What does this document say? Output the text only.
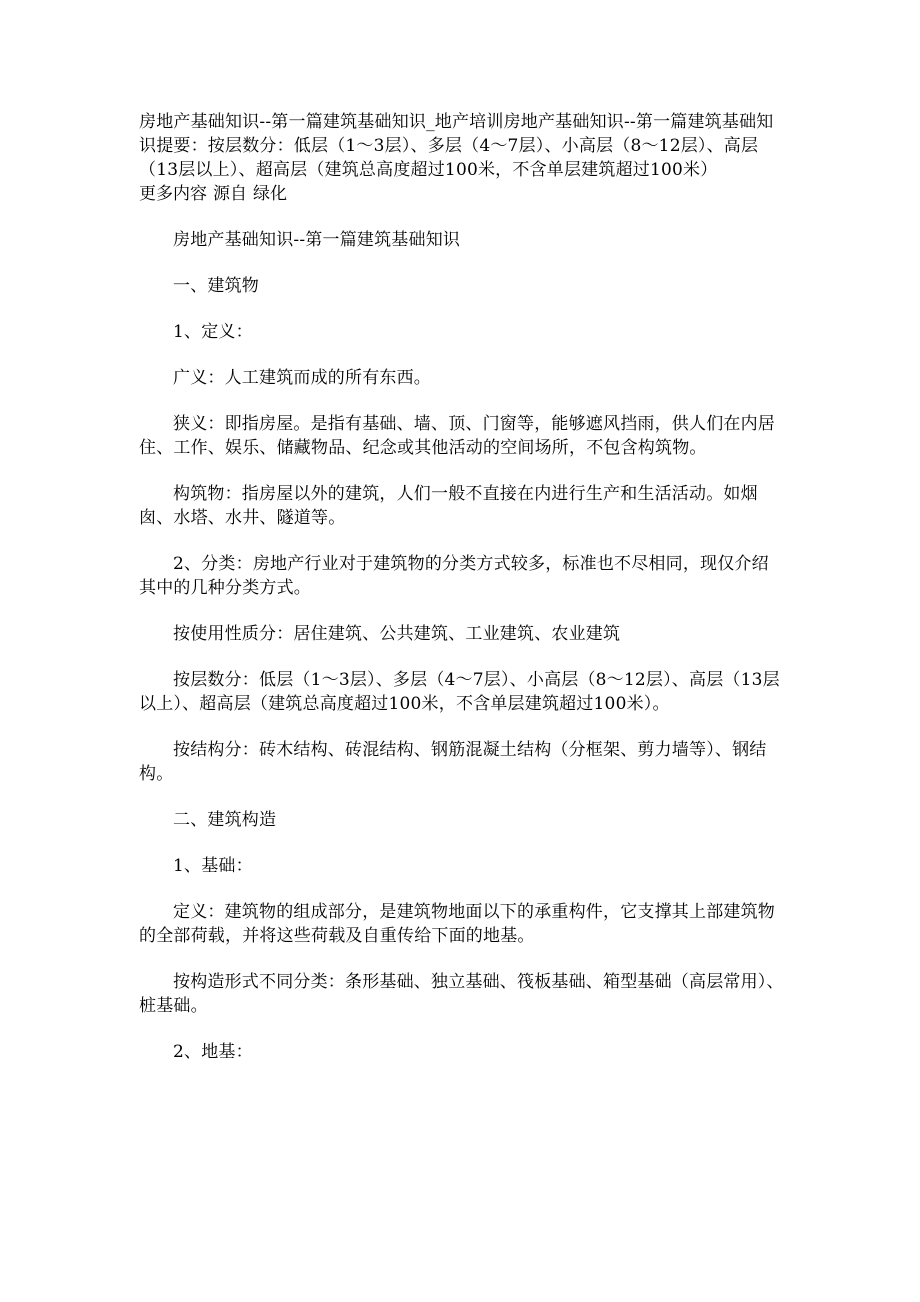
房地产基础知识--第一篇建筑基础知识_地产培训房地产基础知识--第一篇建筑基础知识提要：按层数分：低层（1～3层）、多层（4～7层）、小高层（8～12层）、高层（13层以上）、超高层（建筑总高度超过100米，不含单层建筑超过100米）

更多内容 源自 绿化

房地产基础知识--第一篇建筑基础知识

一、建筑物

1、定义：

广义：人工建筑而成的所有东西。

狭义：即指房屋。是指有基础、墙、顶、门窗等，能够遮风挡雨，供人们在内居住、工作、娱乐、储藏物品、纪念或其他活动的空间场所，不包含构筑物。

构筑物：指房屋以外的建筑，人们一般不直接在内进行生产和生活活动。如烟囱、水塔、水井、隧道等。

2、分类：房地产行业对于建筑物的分类方式较多，标准也不尽相同，现仅介绍其中的几种分类方式。

按使用性质分：居住建筑、公共建筑、工业建筑、农业建筑

按层数分：低层（1～3层）、多层（4～7层）、小高层（8～12层）、高层（13层以上）、超高层（建筑总高度超过100米，不含单层建筑超过100米）。

按结构分：砖木结构、砖混结构、钢筋混凝土结构（分框架、剪力墙等）、钢结构。

二、建筑构造

1、基础：

定义：建筑物的组成部分，是建筑物地面以下的承重构件，它支撑其上部建筑物的全部荷载，并将这些荷载及自重传给下面的地基。

按构造形式不同分类：条形基础、独立基础、筏板基础、箱型基础（高层常用）、桩基础。

2、地基：
